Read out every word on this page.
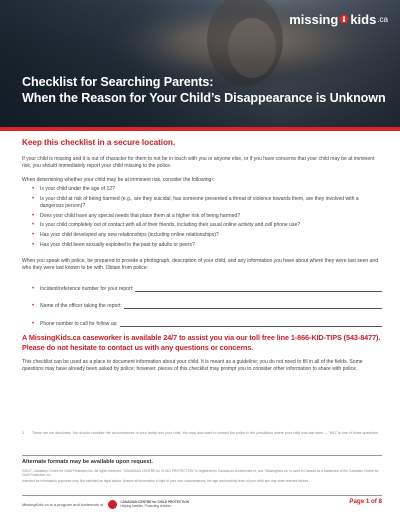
missing kids .ca
Checklist for Searching Parents:
When the Reason for Your Child’s Disappearance is Unknown
Keep this checklist in a secure location.

If your child is missing and it is out of character for them to not be in touch with you or anyone else, or if you have concerns that your child may be at imminent risk, you should immediately report your child missing to the police.

When determining whether your child may be at imminent risk, consider the following¹:

• Is your child under the age of 12?
• Is your child at risk of being harmed (e.g., are they suicidal, has someone presented a threat of violence towards them, are they involved with a dangerous person)?
• Does your child have any special needs that place them at a higher risk of being harmed?
• Is your child completely out of contact with all of their friends, including their usual online activity and cell phone use?
• Has your child developed any new relationships (including online relationships)?
• Has your child been sexually exploited in the past by adults or peers?

When you speak with police, be prepared to provide a photograph, description of your child, and any information you have about where they were last seen and who they were last known to be with. Obtain from police:

• Incident/reference number for your report:
• Name of the officer taking the report:
• Phone number to call for follow up:
A MissingKids.ca caseworker is available 24/7 to assist you via our toll free line 1-866-KID-TIPS (543-8477). Please do not hesitate to contact us with any questions or concerns.

This checklist can be used as a place to document information about your child. It is meant as a guideline; you do not need to fill in all of the fields. Some questions may have already been asked by police; however, pieces of this checklist may prompt you to consider other information to share with police.

1	These are not absolutes. You should consider the circumstances of your family and your child. You may also want to contact the police in the jurisdiction where your child was last seen — "KID" is one of those questions.
Alternate formats may be available upon request.
©2017, Canadian Centre for Child Protection Inc. All rights reserved. "CANADIAN CENTRE for CHILD PROTECTION" is registered in Canada as a trademark of, and "MissingKids.ca" is used in Canada as a trademark of the Canadian Centre for Child Protection Inc.
Intended for information purposes only. Not intended as legal advice. Assess all information in light of your own circumstances, the age and maturity level of your child and any other relevant factors.
MissingKids.ca is a program and trademark of
CANADIAN CENTRE for CHILD PROTECTION
Helping families. Protecting children.
Page 1 of 8
